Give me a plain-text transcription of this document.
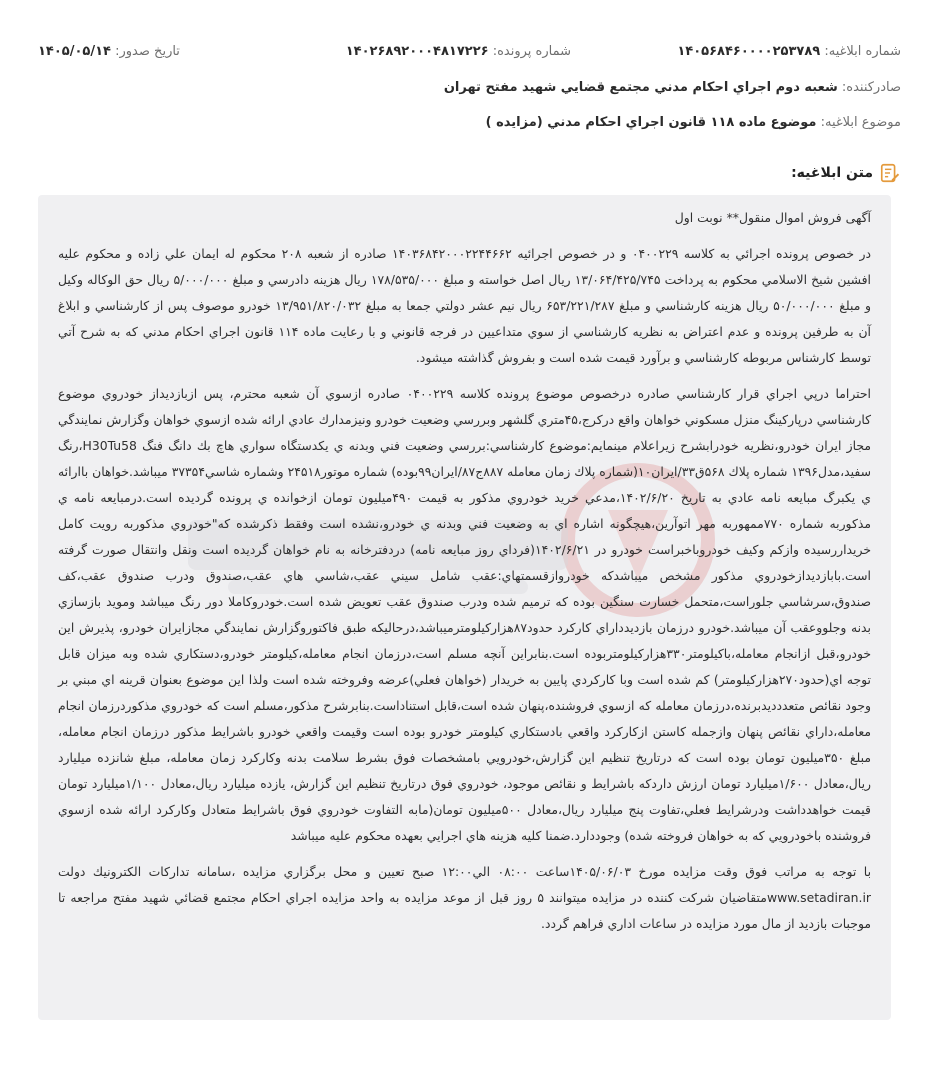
شماره ابلاغیه: ۱۴۰۵۶۸۴۶۰۰۰۰۲۵۳۷۸۹
شماره پرونده: ۱۴۰۲۶۸۹۲۰۰۰۴۸۱۷۲۲۶
تاریخ صدور: ۱۴۰۵/۰۵/۱۴
صادرکننده: شعبه دوم اجراي احكام مدني مجتمع قضايي شهيد مفتح تهران
موضوع ابلاغیه: موضوع ماده ۱۱۸ قانون اجراي احكام مدني (مزايده )
متن ابلاغیه:

آگهی فروش اموال منقول** نوبت اول

در خصوص پرونده اجرائي به كلاسه ۰۴۰۰۲۲۹ و در خصوص اجرائيه ۱۴۰۳۶۸۴۲۰۰۰۲۲۴۴۶۶۲ صادره از شعبه ۲۰۸ محکوم له ايمان علي زاده و محكوم عليه افشين شيخ الاسلامي محكوم به پرداخت ۱۳/۰۶۴/۴۲۵/۷۴۵ ريال اصل خواسته و مبلغ ۱۷۸/۵۳۵/۰۰۰ ريال هزينه دادرسي و مبلغ ۵/۰۰۰/۰۰۰ ريال حق الوكاله وكيل و مبلغ ۵۰/۰۰۰/۰۰۰ ريال هزينه كارشناسي و مبلغ ۶۵۳/۲۲۱/۲۸۷ ريال نيم عشر دولتي جمعا به مبلغ ۱۳/۹۵۱/۸۲۰/۰۳۲ خودرو موصوف پس از كارشناسي و ابلاغ آن به طرفين پرونده و عدم اعتراض به نظريه كارشناسي از سوي متداعيين در فرجه قانوني و با رعايت ماده ۱۱۴ قانون اجراي احكام مدني كه به شرح آتي توسط كارشناس مربوطه كارشناسي و برآورد قيمت شده است و بفروش گذاشته ميشود.

احتراما درپي اجراي قرار كارشناسي صادره درخصوص موضوع پرونده كلاسه ۰۴۰۰۲۲۹ صادره ازسوي آن شعبه محترم، پس ازبازديداز خودروي موضوع كارشناسي درپاركينگ منزل مسكوني خواهان واقع دركرج،۴۵متري گلشهر وبررسي وضعيت خودرو ونيزمدارك عادي ارائه شده ازسوي خواهان وگزارش نمايندگي مجاز ايران خودرو،نظريه خودرابشرح زيراعلام مينمايم:موضوع كارشناسي:بررسي وضعيت فني وبدنه ي يكدستگاه سواري هاچ بك دانگ فنگ H30Tu58،رنگ سفيد،مدل۱۳۹۶ شماره پلاك ۵۶۸ق۳۳/ايران۱۰(شماره پلاك زمان معامله ۸۸۷ج۸۷/ايران۹۹بوده) شماره موتور۲۴۵۱۸ وشماره شاسي۳۷۳۵۴ ميباشد.خواهان باارائه ي يكبرگ مبايعه نامه عادي به تاريخ ۱۴۰۲/۶/۲۰،مدعي خريد خودروي مذكور به قيمت ۴۹۰ميليون تومان ازخوانده ي پرونده گرديده است.درمبايعه نامه ي مذكوربه شماره ۷۷۰ممهوربه مهر اتوآرين،هيچگونه اشاره اي به وضعيت فني وبدنه ي خودرو،نشده است وفقط ذكرشده كه"خودروي مذكوربه رويت كامل خريداررسيده وازكم وكيف خودروباخبراست خودرو در ۱۴۰۲/۶/۲۱(فرداي روز مبايعه نامه) دردفترخانه به نام خواهان گرديده است ونقل وانتقال صورت گرفته است.بابازديدازخودروي مذكور مشخص ميباشدكه خودروازقسمتهاي:عقب شامل سيني عقب،شاسي هاي عقب،صندوق ودرب صندوق عقب،كف صندوق،سرشاسي جلوراست،متحمل خسارت سنگين بوده كه ترميم شده ودرب صندوق عقب تعويض شده است.خودروكاملا دور رنگ ميباشد ومويد بازسازي بدنه وجلووعقب آن ميباشد.خودرو درزمان بازديدداراي كاركرد حدود۸۷هزاركيلومترميباشد،درحاليكه طبق فاكتوروگزارش نمايندگي مجازايران خودرو، پذيرش اين خودرو،قبل ازانجام معامله،باكيلومتر۳۳۰هزاركيلومتربوده است.بنابراين آنچه مسلم است،درزمان انجام معامله،كيلومتر خودرو،دستكاري شده وبه ميزان قابل توجه اي(حدود۲۷۰هزاركيلومتر) كم شده است وبا كاركردي پايين به خريدار (خواهان فعلي)عرضه وفروخته شده است ولذا اين موضوع بعنوان قرينه اي مبني بر وجود نقائص متعددديدبرنده،درزمان معامله كه ازسوي فروشنده،پنهان شده است،قابل استناداست.بنابرشرح مذكور،مسلم است كه خودروي مذكوردرزمان انجام معامله،داراي نقائص پنهان وازجمله كاستن ازكاركرد واقعي بادستكاري كيلومتر خودرو بوده است وقيمت واقعي خودرو باشرايط مذكور درزمان انجام معامله، مبلغ ۳۵۰ميليون تومان بوده است كه درتاريخ تنظيم اين گزارش،خودرويي بامشخصات فوق بشرط سلامت بدنه وكاركرد زمان معامله، مبلغ شانزده ميليارد ريال،معادل ۱/۶۰۰ميليارد تومان ارزش داردكه باشرايط و نقائص موجود، خودروي فوق درتاريخ تنظيم اين گزارش، يازده ميليارد ريال،معادل ۱/۱۰۰ميليارد تومان قيمت خواهدداشت ودرشرايط فعلي،تفاوت پنج ميليارد ريال،معادل ۵۰۰ميليون تومان(مابه التفاوت خودروي فوق باشرايط متعادل وكاركرد ارائه شده ازسوي فروشنده باخودرويي كه به خواهان فروخته شده) وجوددارد.ضمنا كليه هزينه هاي اجرايي بعهده محكوم عليه ميباشد

با توجه به مراتب فوق وقت مزايده مورخ ۱۴۰۵/۰۶/۰۳ساعت ۰۸:۰۰ الي۱۲:۰۰ صبح تعيين و محل برگزاري مزايده ،سامانه تداركات الكترونيك دولت www.setadiran.irمتقاضيان شركت كننده در مزايده ميتوانند ۵ روز قبل از موعد مزايده به واحد مزايده اجراي احكام مجتمع قضائي شهيد مفتح مراجعه تا موجبات بازديد از مال مورد مزايده در ساعات اداري فراهم گردد.
